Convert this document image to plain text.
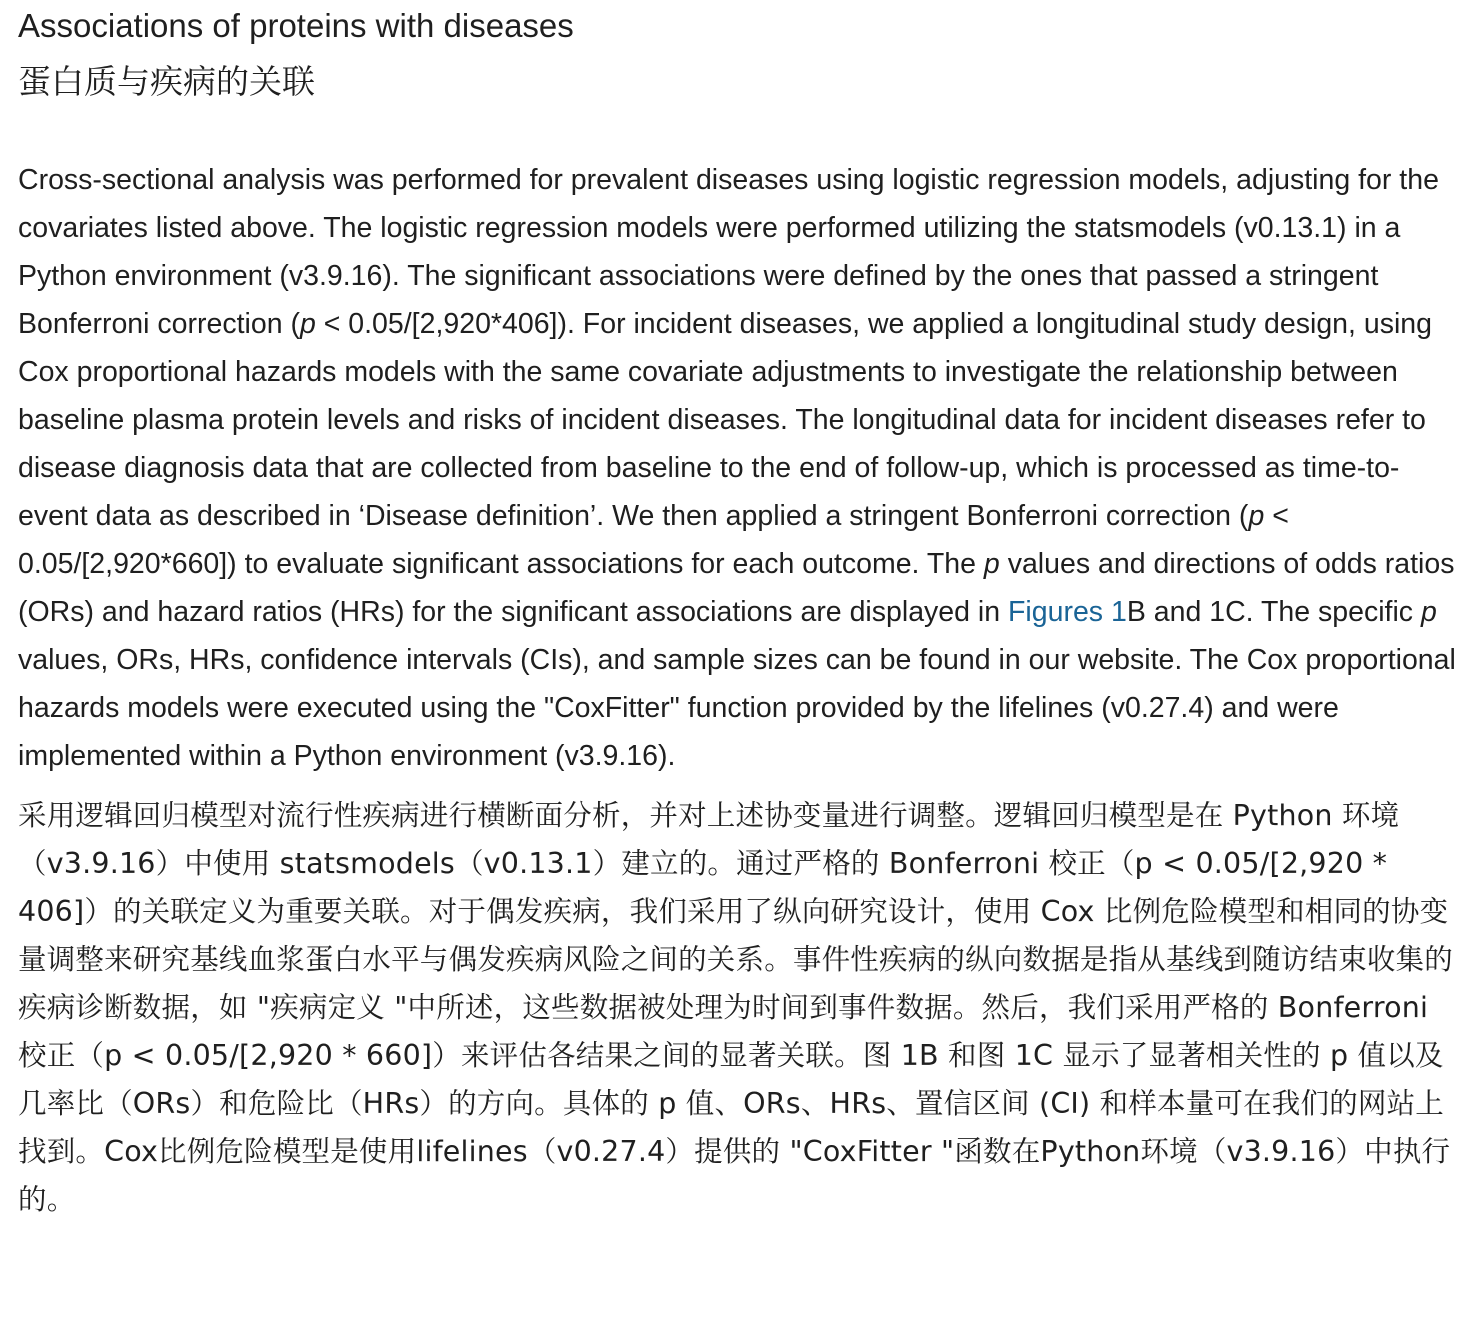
Associations of proteins with diseases
蛋白质与疾病的关联

Cross-sectional analysis was performed for prevalent diseases using logistic regression models, adjusting for the covariates listed above. The logistic regression models were performed utilizing the statsmodels (v0.13.1) in a Python environment (v3.9.16). The significant associations were defined by the ones that passed a stringent Bonferroni correction (p < 0.05/[2,920*406]). For incident diseases, we applied a longitudinal study design, using Cox proportional hazards models with the same covariate adjustments to investigate the relationship between baseline plasma protein levels and risks of incident diseases. The longitudinal data for incident diseases refer to disease diagnosis data that are collected from baseline to the end of follow-up, which is processed as time-to-event data as described in ‘Disease definition’. We then applied a stringent Bonferroni correction (p < 0.05/[2,920*660]) to evaluate significant associations for each outcome. The p values and directions of odds ratios (ORs) and hazard ratios (HRs) for the significant associations are displayed in Figures 1B and 1C. The specific p values, ORs, HRs, confidence intervals (CIs), and sample sizes can be found in our website. The Cox proportional hazards models were executed using the "CoxFitter" function provided by the lifelines (v0.27.4) and were implemented within a Python environment (v3.9.16).

采用逻辑回归模型对流行性疾病进行横断面分析，并对上述协变量进行调整。逻辑回归模型是在 Python 环境（v3.9.16）中使用 statsmodels（v0.13.1）建立的。通过严格的 Bonferroni 校正（p < 0.05/[2,920 * 406]）的关联定义为重要关联。对于偶发疾病，我们采用了纵向研究设计，使用 Cox 比例危险模型和相同的协变量调整来研究基线血浆蛋白水平与偶发疾病风险之间的关系。事件性疾病的纵向数据是指从基线到随访结束收集的疾病诊断数据，如 "疾病定义 "中所述，这些数据被处理为时间到事件数据。然后，我们采用严格的 Bonferroni 校正（p < 0.05/[2,920 * 660]）来评估各结果之间的显著关联。图 1B 和图 1C 显示了显著相关性的 p 值以及几率比（ORs）和危险比（HRs）的方向。具体的 p 值、ORs、HRs、置信区间 (CI) 和样本量可在我们的网站上找到。Cox比例危险模型是使用lifelines（v0.27.4）提供的 "CoxFitter "函数在Python环境（v3.9.16）中执行的。
